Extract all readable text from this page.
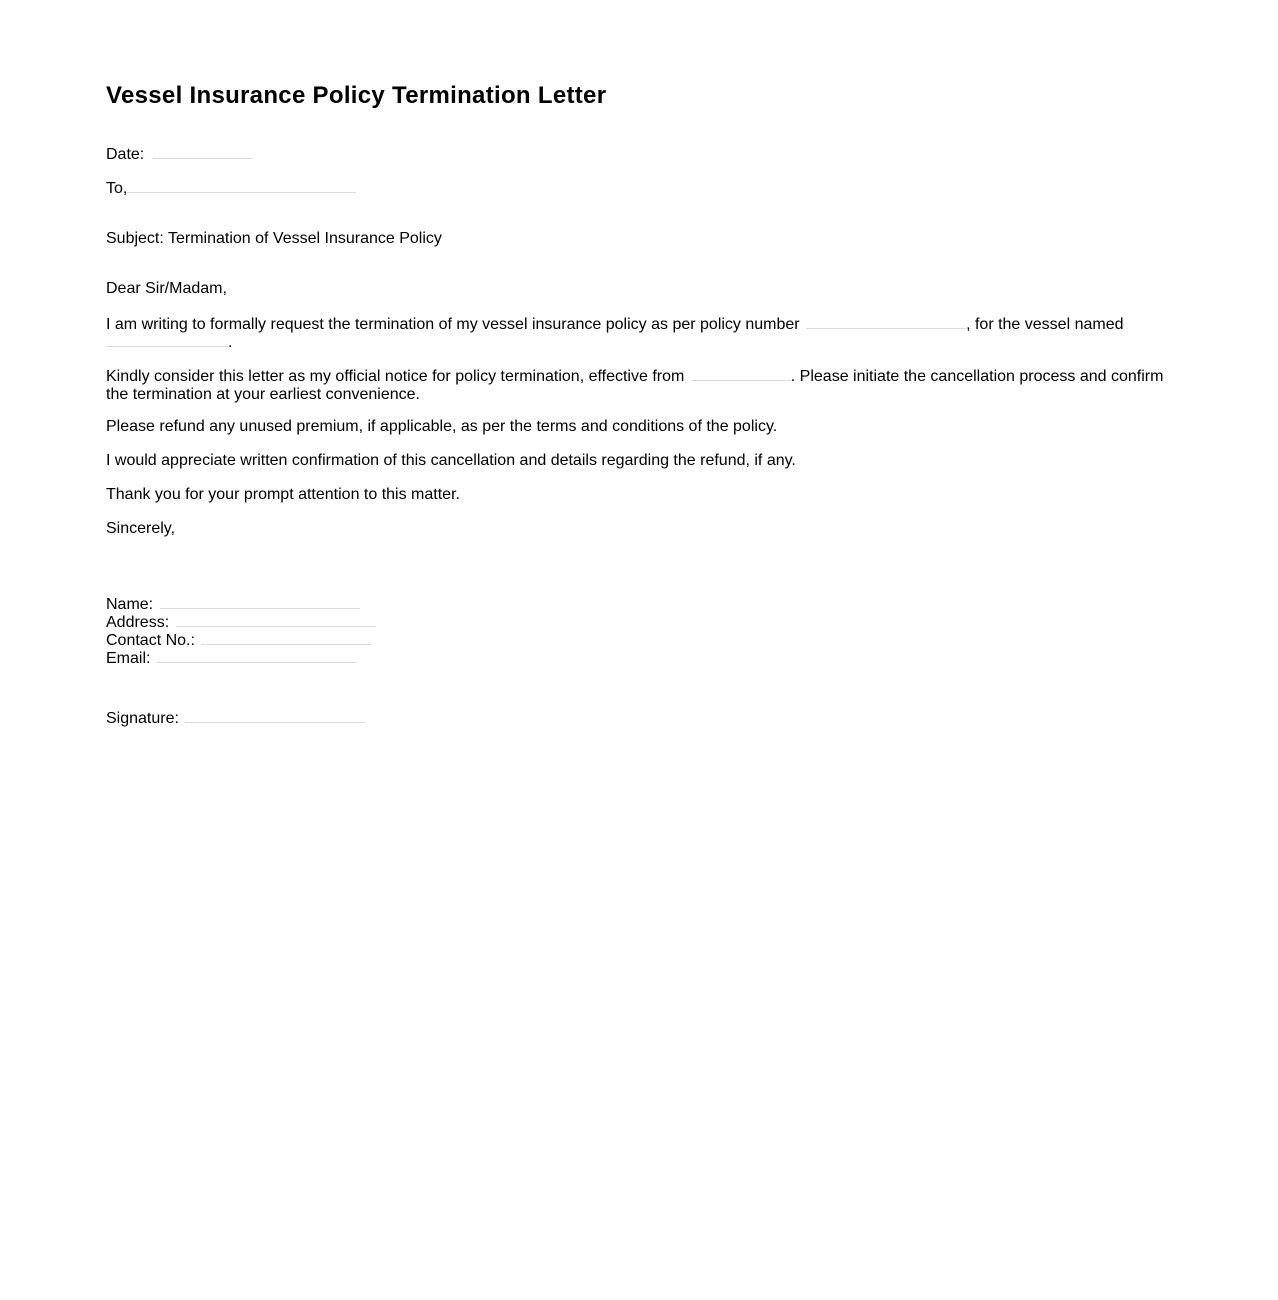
Vessel Insurance Policy Termination Letter
Date:
To,
Subject: Termination of Vessel Insurance Policy
Dear Sir/Madam,
I am writing to formally request the termination of my vessel insurance policy as per policy number	, for the vessel named
.
Kindly consider this letter as my official notice for policy termination, effective from	. Please initiate the cancellation process and confirm the termination at your earliest convenience.
Please refund any unused premium, if applicable, as per the terms and conditions of the policy.
I would appreciate written confirmation of this cancellation and details regarding the refund, if any.
Thank you for your prompt attention to this matter.
Sincerely,
Name:
Address:
Contact No.:
Email:
Signature:
